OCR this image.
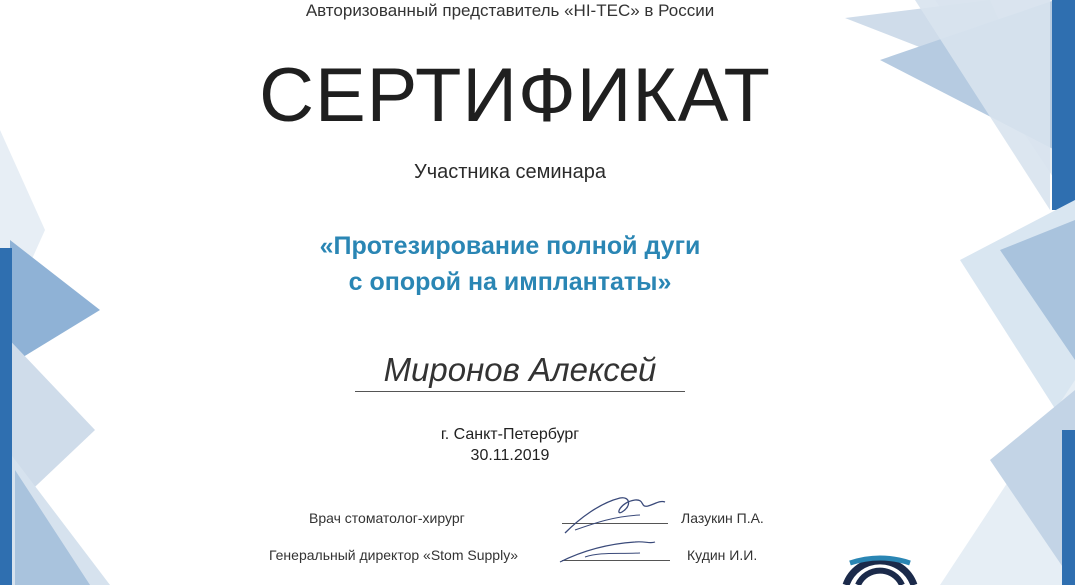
Авторизованный представитель «HI-TEC» в России
СЕРТИФИКАТ
Участника семинара
«Протезирование полной дуги
с опорой на имплантаты»
Миронов Алексей
г. Санкт-Петербург
30.11.2019
Врач стоматолог-хирург	Лазукин П.А.
Генеральный директор «Stom Supply»	Кудин И.И.
